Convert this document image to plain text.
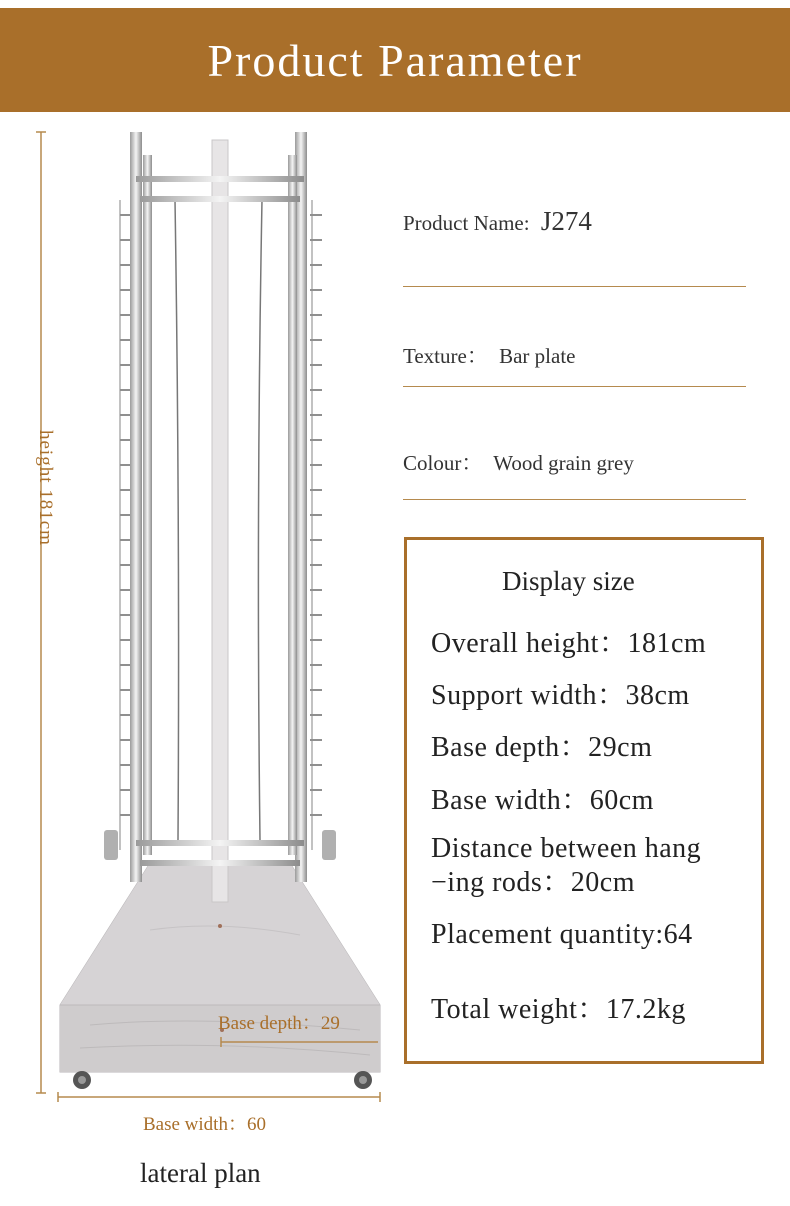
Product Parameter
height 181cm
Base depth：29
Base width：60
lateral plan
Product Name: J274
Texture： Bar plate
Colour： Wood grain grey
Display size
Overall height：181cm
Support width：38cm
Base depth：29cm
Base width：60cm
Distance between hang
−ing rods：20cm
Placement quantity:64
Total weight：17.2kg
